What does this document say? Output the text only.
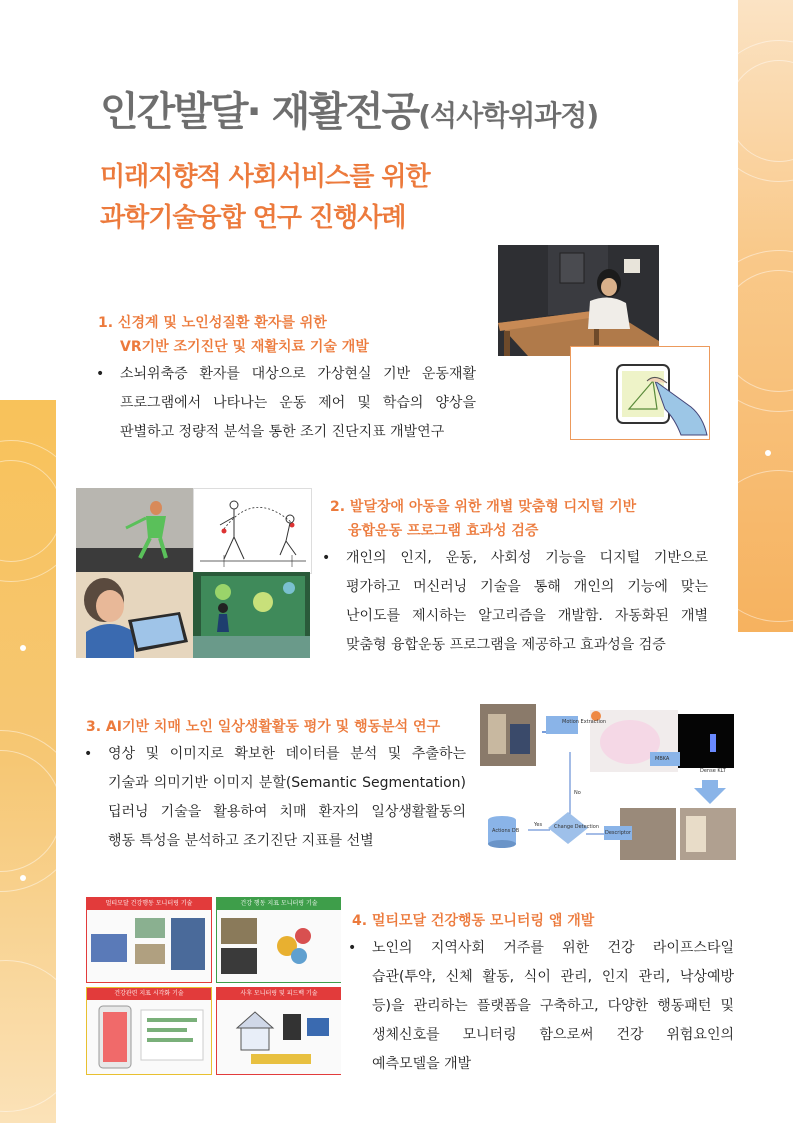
인간발달· 재활전공(석사학위과정)
미래지향적 사회서비스를 위한
과학기술융합 연구 진행사례
1. 신경계 및 노인성질환 환자를 위한
VR기반 조기진단 및 재활치료 기술 개발
• 소뇌위축증 환자를 대상으로 가상현실 기반 운동재활
프로그램에서 나타나는 운동 제어 및 학습의 양상을
판별하고 정량적 분석을 통한 조기 진단지표 개발연구
2. 발달장애 아동을 위한 개별 맞춤형 디지털 기반
융합운동 프로그램 효과성 검증
• 개인의 인지, 운동, 사회성 기능을 디지털 기반으로
평가하고 머신러닝 기술을 통해 개인의 기능에 맞는
난이도를 제시하는 알고리즘을 개발함. 자동화된 개별
맞춤형 융합운동 프로그램을 제공하고 효과성을 검증
3. AI기반 치매 노인 일상생활활동 평가 및 행동분석 연구
• 영상 및 이미지로 확보한 데이터를 분석 및 추출하는
기술과 의미기반 이미지 분할(Semantic Segmentation)
딥러닝 기술을 활용하여 치매 환자의 일상생활활동의
행동 특성을 분석하고 조기진단 지표를 선별
Motion Extraction
MBKA
Dense KLT
Descriptor
Change Detection
Actions DB
No
Yes
멀티모달 건강행동 모니터링 기술	건강 행동 지표 모니터링 기술
건강관련 지표 시각화 기술	사후 모니터링 및 피드백 기술
4. 멀티모달 건강행동 모니터링 앱 개발
• 노인의 지역사회 거주를 위한 건강 라이프스타일
습관(투약, 신체 활동, 식이 관리, 인지 관리, 낙상예방
등)을 관리하는 플랫폼을 구축하고, 다양한 행동패턴 및
생체신호를 모니터링 함으로써 건강 위험요인의
예측모델을 개발
